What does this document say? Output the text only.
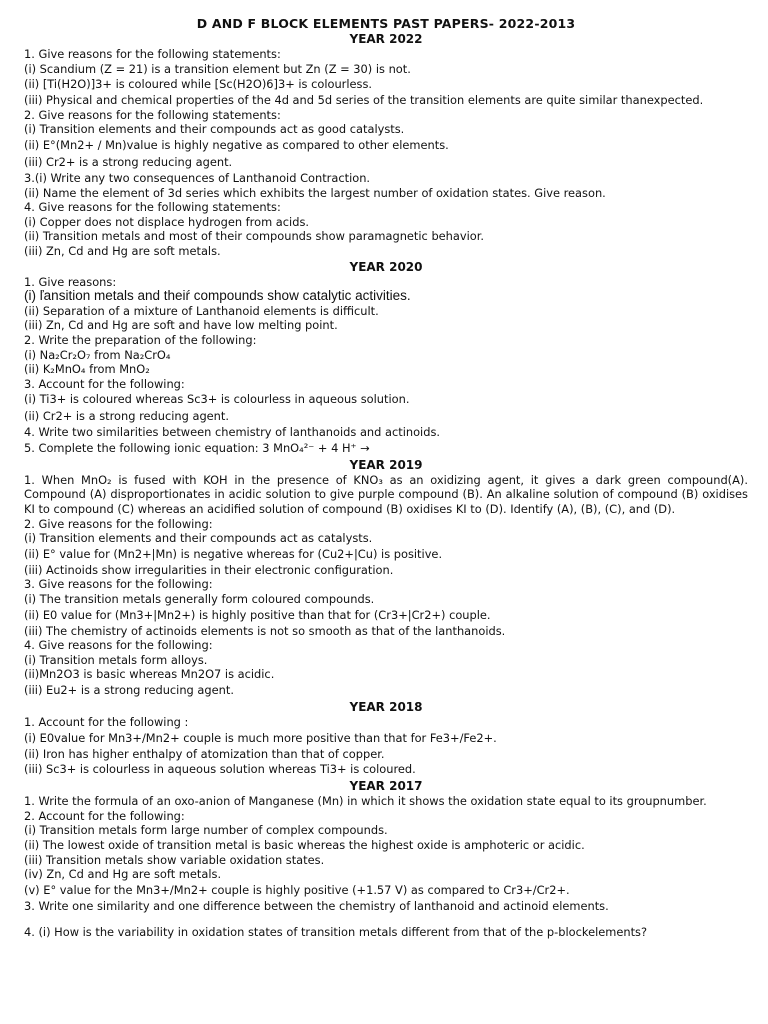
D AND F BLOCK ELEMENTS PAST PAPERS- 2022-2013
YEAR 2022
1. Give reasons for the following statements:
(i) Scandium (Z = 21) is a transition element but Zn (Z = 30) is not.
(ii) [Ti(H2O)]3+ is coloured while [Sc(H2O)6]3+ is colourless.
(iii) Physical and chemical properties of the 4d and 5d series of the transition elements are quite similar thanexpected.
2. Give reasons for the following statements:
(i) Transition elements and their compounds act as good catalysts.
(ii) E°(Mn2+ / Mn)value is highly negative as compared to other elements.
(iii) Cr2+ is a strong reducing agent.
3.(i) Write any two consequences of Lanthanoid Contraction.
(ii) Name the element of 3d series which exhibits the largest number of oxidation states. Give reason.
4. Give reasons for the following statements:
(i) Copper does not displace hydrogen from acids.
(ii) Transition metals and most of their compounds show paramagnetic behavior.
(iii) Zn, Cd and Hg are soft metals.
YEAR 2020
1. Give reasons:
(i) ľansition metals and theiŕ compounds show catalytic activities.
(ii) Separation of a mixture of Lanthanoid elements is difficult.
(iii) Zn, Cd and Hg are soft and have low melting point.
2. Write the preparation of the following:
(i) Na₂Cr₂O₇ from Na₂CrO₄
(ii) K₂MnO₄ from MnO₂
3. Account for the following:
(i) Ti3+ is coloured whereas Sc3+ is colourless in aqueous solution.
(ii) Cr2+ is a strong reducing agent.
4. Write two similarities between chemistry of lanthanoids and actinoids.
5. Complete the following ionic equation: 3 MnO₄²⁻ + 4 H⁺ →
YEAR 2019
1. When MnO₂ is fused with KOH in the presence of KNO₃ as an oxidizing agent, it gives a dark green compound(A). Compound (A) disproportionates in acidic solution to give purple compound (B). An alkaline solution of compound (B) oxidises KI to compound (C) whereas an acidified solution of compound (B) oxidises KI to (D). Identify (A), (B), (C), and (D).
2. Give reasons for the following:
(i) Transition elements and their compounds act as catalysts.
(ii) E° value for (Mn2+|Mn) is negative whereas for (Cu2+|Cu) is positive.
(iii) Actinoids show irregularities in their electronic configuration.
3. Give reasons for the following:
(i) The transition metals generally form coloured compounds.
(ii) E0 value for (Mn3+|Mn2+) is highly positive than that for (Cr3+|Cr2+) couple.
(iii) The chemistry of actinoids elements is not so smooth as that of the lanthanoids.
4. Give reasons for the following:
(i) Transition metals form alloys.
(ii)Mn2O3 is basic whereas Mn2O7 is acidic.
(iii) Eu2+ is a strong reducing agent.
YEAR 2018
1. Account for the following :
(i) E0value for Mn3+/Mn2+ couple is much more positive than that for Fe3+/Fe2+.
(ii) Iron has higher enthalpy of atomization than that of copper.
(iii) Sc3+ is colourless in aqueous solution whereas Ti3+ is coloured.
YEAR 2017
1. Write the formula of an oxo-anion of Manganese (Mn) in which it shows the oxidation state equal to its groupnumber.
2. Account for the following:
(i) Transition metals form large number of complex compounds.
(ii) The lowest oxide of transition metal is basic whereas the highest oxide is amphoteric or acidic.
(iii) Transition metals show variable oxidation states.
(iv) Zn, Cd and Hg are soft metals.
(v) E° value for the Mn3+/Mn2+ couple is highly positive (+1.57 V) as compared to Cr3+/Cr2+.
3. Write one similarity and one difference between the chemistry of lanthanoid and actinoid elements.
4. (i) How is the variability in oxidation states of transition metals different from that of the p-blockelements?
